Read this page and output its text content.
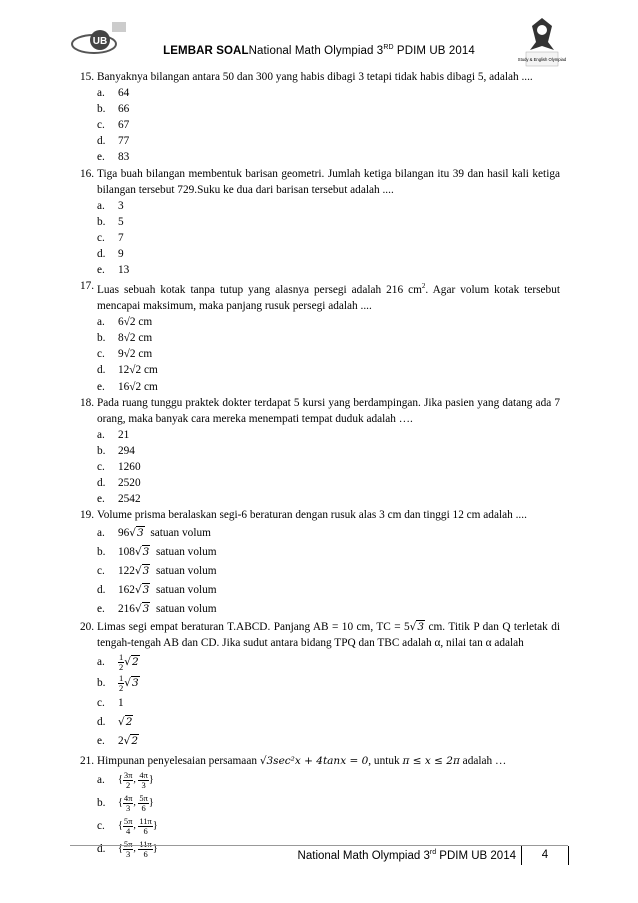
UB
Study & English Olympiad
LEMBAR SOALNational Math Olympiad 3RD PDIM UB 2014
15. Banyaknya bilangan antara 50 dan 300 yang habis dibagi 3 tetapi tidak habis dibagi 5, adalah ....
a.	64
b.	66
c.	67
d.	77
e.	83
16. Tiga buah bilangan membentuk barisan geometri. Jumlah ketiga bilangan itu 39 dan hasil kali ketiga bilangan tersebut 729.Suku ke dua dari barisan tersebut adalah ....
a.	3
b.	5
c.	7
d.	9
e.	13
17. Luas sebuah kotak tanpa tutup yang alasnya persegi adalah 216 $cm^2$. Agar volum kotak tersebut mencapai maksimum, maka panjang rusuk persegi adalah ....
a.	6√2 cm
b.	8√2 cm
c.	9√2 cm
d.	12√2 cm
e.	16√2 cm
18. Pada ruang tunggu praktek dokter terdapat 5 kursi yang berdampingan. Jika pasien yang datang ada 7 orang, maka banyak cara mereka menempati tempat duduk adalah ….
a.	21
b.	294
c.	1260
d.	2520
e.	2542
19. Volume prisma beralaskan segi-6 beraturan dengan rusuk alas 3 cm dan tinggi 12 cm adalah ....
a.	96 √3
satuan volum
b.	108 √3
satuan volum
c.	122 √3
satuan volum
d.	162 √3
satuan volum
e.	216 √3
satuan volum
20. Limas segi empat beraturan T.ABCD. Panjang AB = 10 cm, TC = 5√3 cm. Titik P dan Q terletak di tengah-tengah AB dan CD. Jika sudut antara bidang TPQ dan TBC adalah α, nilai tan α adalah
a.	$\frac{1}{2} √2$
b.	$\frac{1}{2} √3$
c.	1
d.	√2
e.	2 √2
21. Himpunan penyelesaian persamaan √3sec²x + 4tanx = 0, untuk π ≤ x ≤ 2π adalah …
a.	{ $\frac{3\pi}{2}$ , $\frac{4\pi}{3}$ }
b.	{ $\frac{4\pi}{3}$ , $\frac{5\pi}{6}$ }
c.	{ $\frac{5\pi}{4}$ , $\frac{11\pi}{6}$ }
d.	{ $\frac{5\pi}{3}$ , $\frac{11\pi}{6}$ }
National Math Olympiad 3rd PDIM UB 2014	4
